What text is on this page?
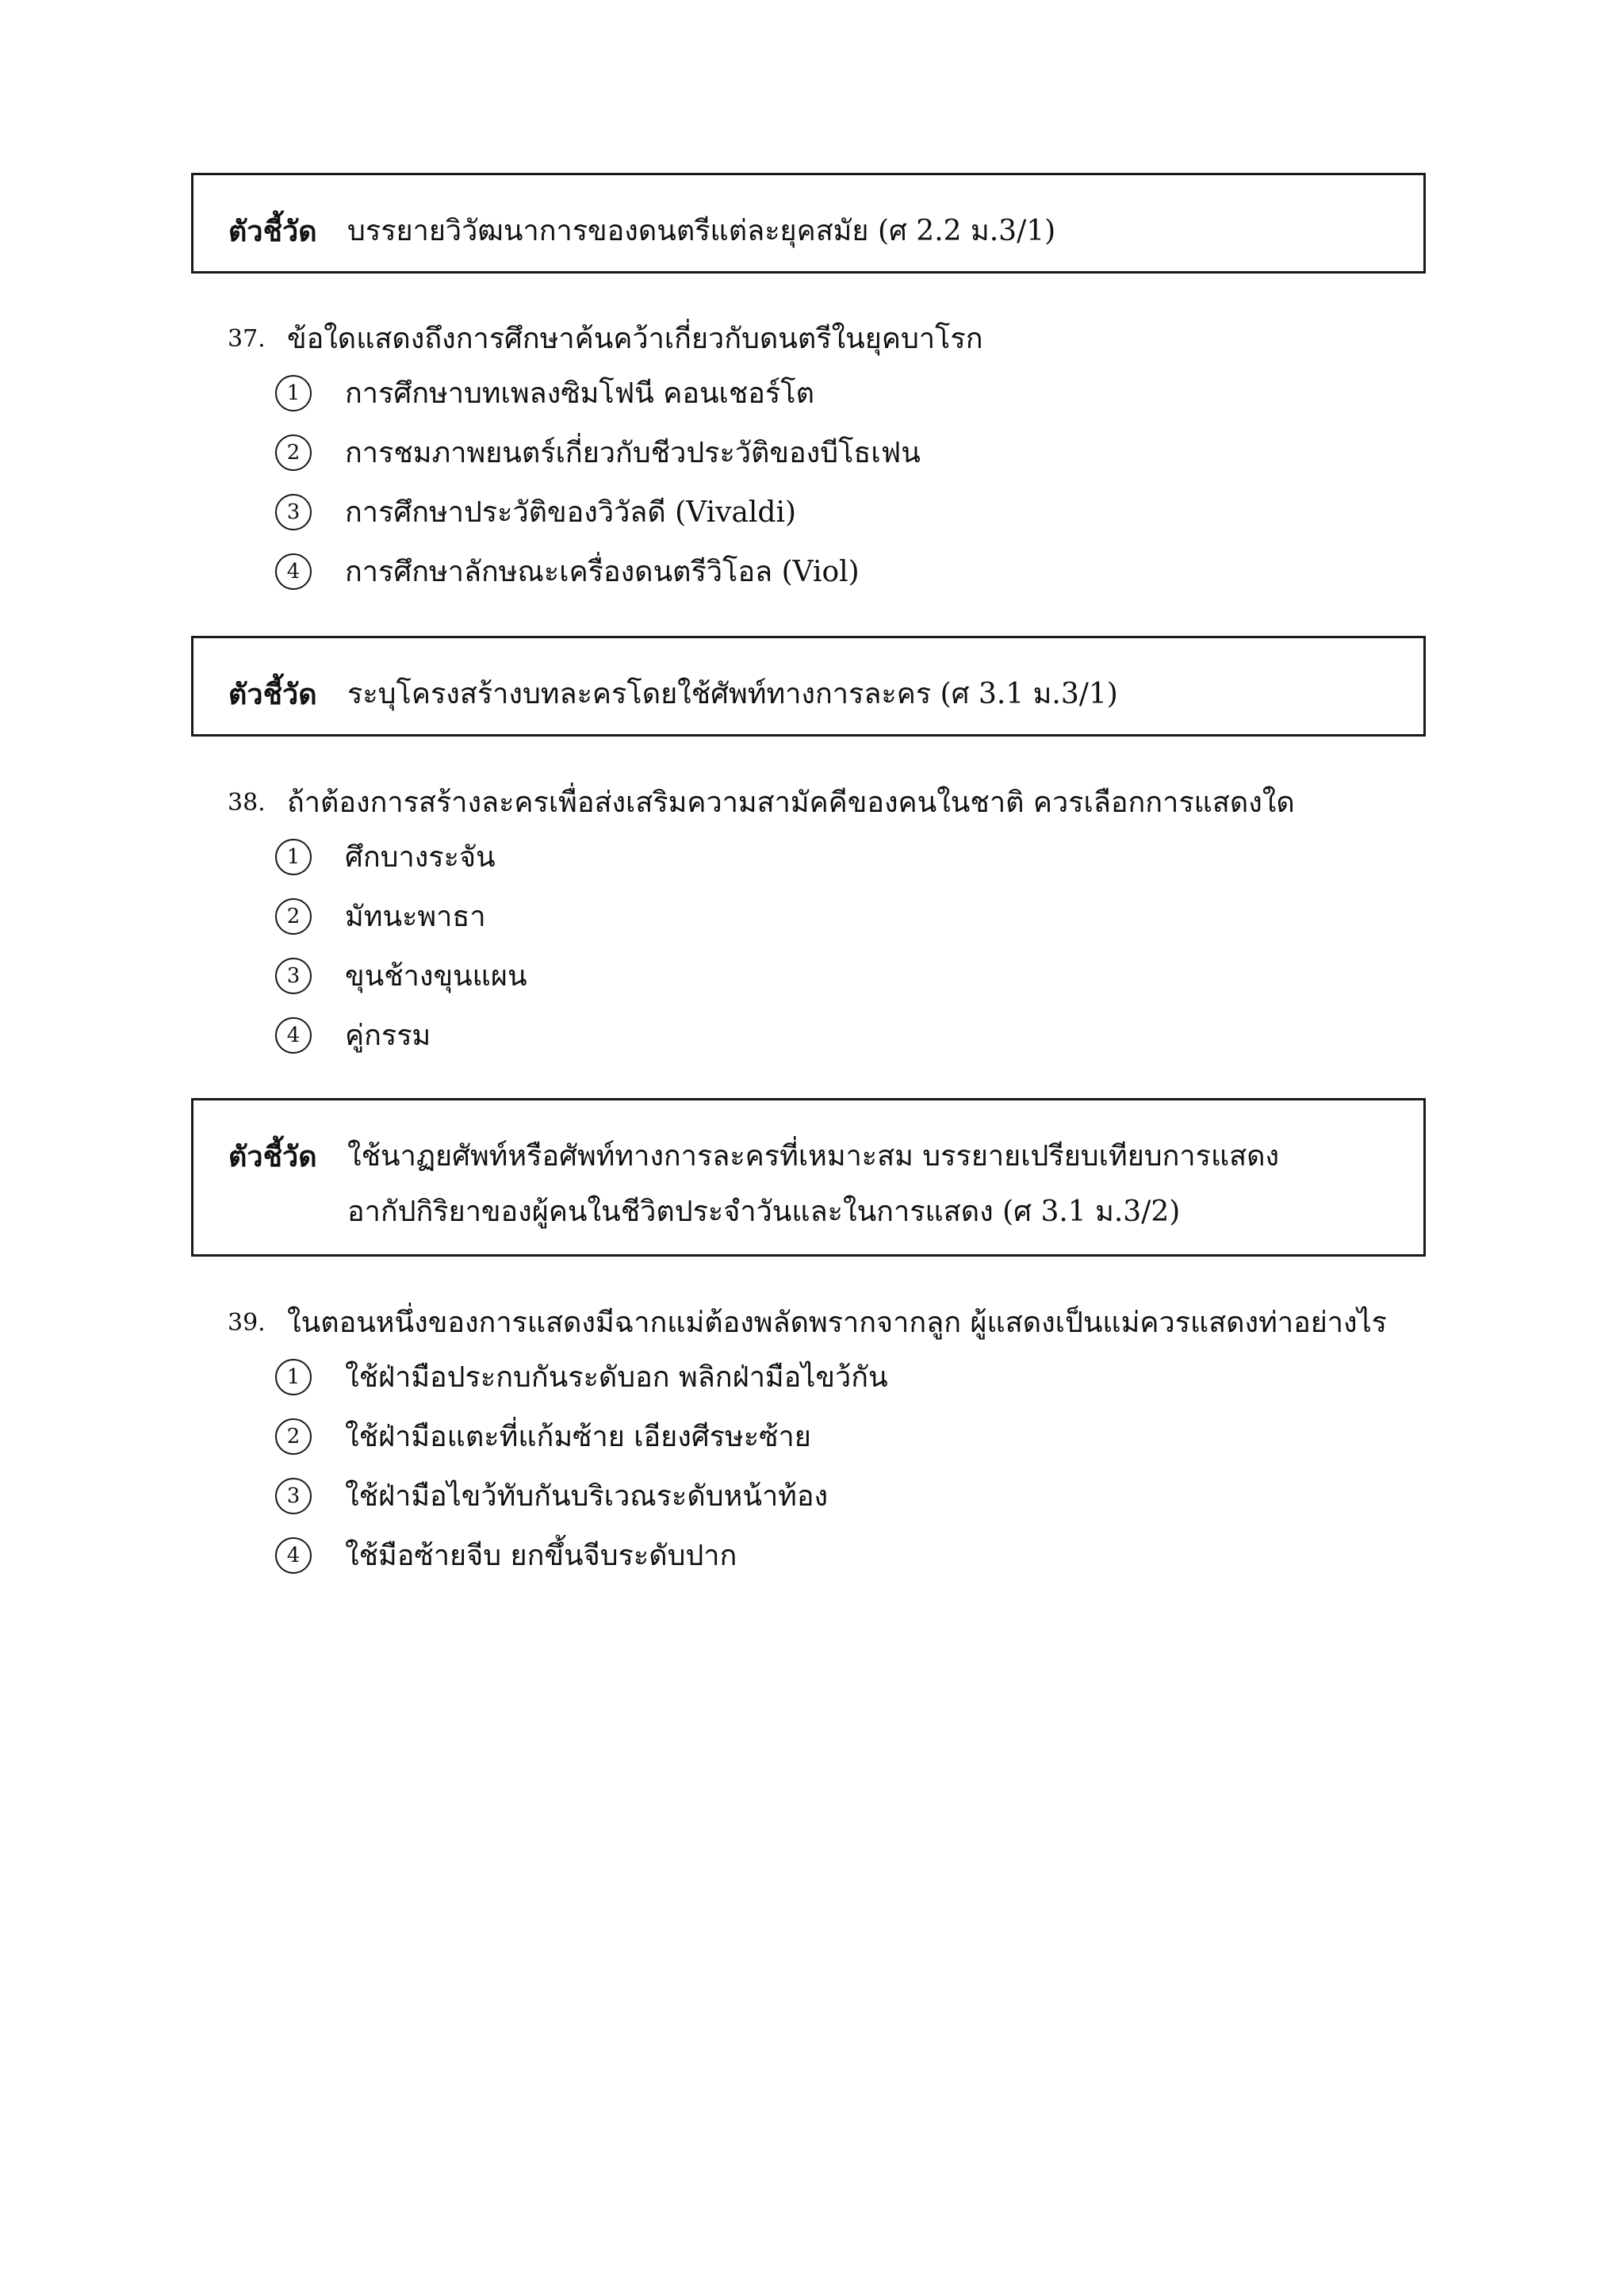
ตัวชี้วัด	บรรยายวิวัฒนาการของดนตรีแต่ละยุคสมัย (ศ 2.2 ม.3/1)
37. ข้อใดแสดงถึงการศึกษาค้นคว้าเกี่ยวกับดนตรีในยุคบาโรก
1	การศึกษาบทเพลงซิมโฟนี คอนเชอร์โต
2	การชมภาพยนตร์เกี่ยวกับชีวประวัติของบีโธเฟน
3	การศึกษาประวัติของวิวัลดี (Vivaldi)
4	การศึกษาลักษณะเครื่องดนตรีวิโอล (Viol)
ตัวชี้วัด	ระบุโครงสร้างบทละครโดยใช้ศัพท์ทางการละคร (ศ 3.1 ม.3/1)
38. ถ้าต้องการสร้างละครเพื่อส่งเสริมความสามัคคีของคนในชาติ ควรเลือกการแสดงใด
1	ศึกบางระจัน
2	มัทนะพาธา
3	ขุนช้างขุนแผน
4	คู่กรรม
ตัวชี้วัด	ใช้นาฏยศัพท์หรือศัพท์ทางการละครที่เหมาะสม บรรยายเปรียบเทียบการแสดงอากัปกิริยาของผู้คนในชีวิตประจำวันและในการแสดง (ศ 3.1 ม.3/2)
39. ในตอนหนึ่งของการแสดงมีฉากแม่ต้องพลัดพรากจากลูก ผู้แสดงเป็นแม่ควรแสดงท่าอย่างไร
1	ใช้ฝ่ามือประกบกันระดับอก พลิกฝ่ามือไขว้กัน
2	ใช้ฝ่ามือแตะที่แก้มซ้าย เอียงศีรษะซ้าย
3	ใช้ฝ่ามือไขว้ทับกันบริเวณระดับหน้าท้อง
4	ใช้มือซ้ายจีบ ยกขึ้นจีบระดับปาก
